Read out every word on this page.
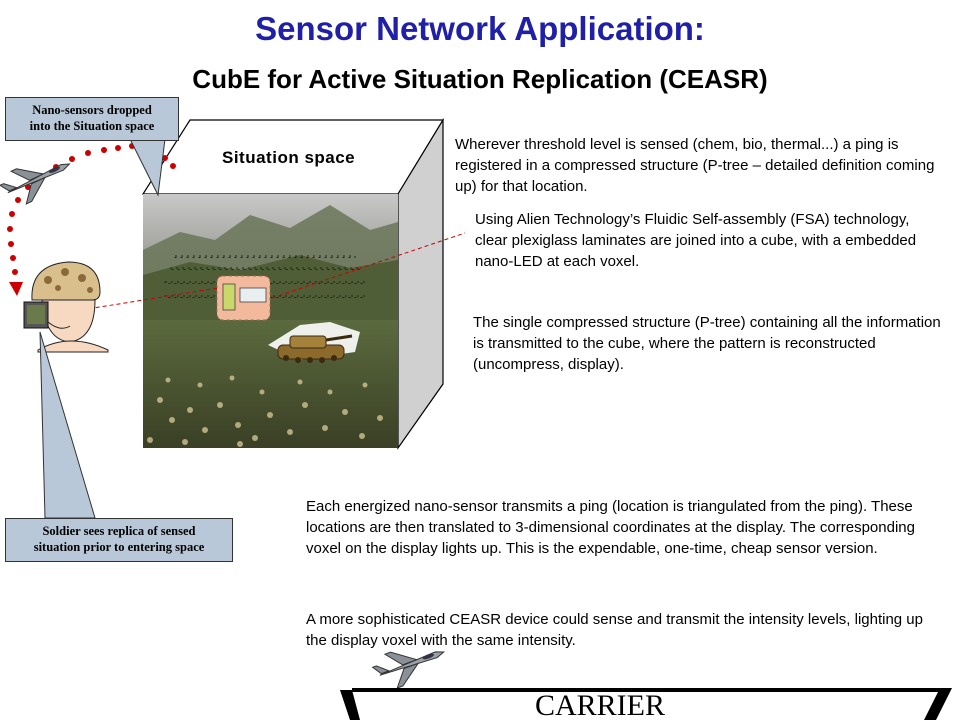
Sensor Network Application:
CubE for Active Situation Replication (CEASR)
Nano-sensors dropped
into the Situation space
Soldier sees replica of sensed
situation prior to entering space
Situation space
Wherever threshold level is sensed (chem, bio, thermal...) a ping is registered in a compressed structure (P-tree – detailed definition coming up) for that location.
Using Alien Technology’s Fluidic Self-assembly (FSA) technology, clear plexiglass laminates are joined into a cube, with a embedded nano-LED at each voxel.
The single compressed structure (P-tree) containing all the information is transmitted to the cube, where the pattern is reconstructed (uncompress, display).
Each energized nano-sensor transmits a ping (location is triangulated from the ping). These locations are then translated to 3-dimensional coordinates at the display. The corresponding voxel on the display lights up. This is the expendable, one-time, cheap sensor version.
A more sophisticated CEASR device could sense and transmit the intensity levels, lighting up the display voxel with the same intensity.
CARRIER
